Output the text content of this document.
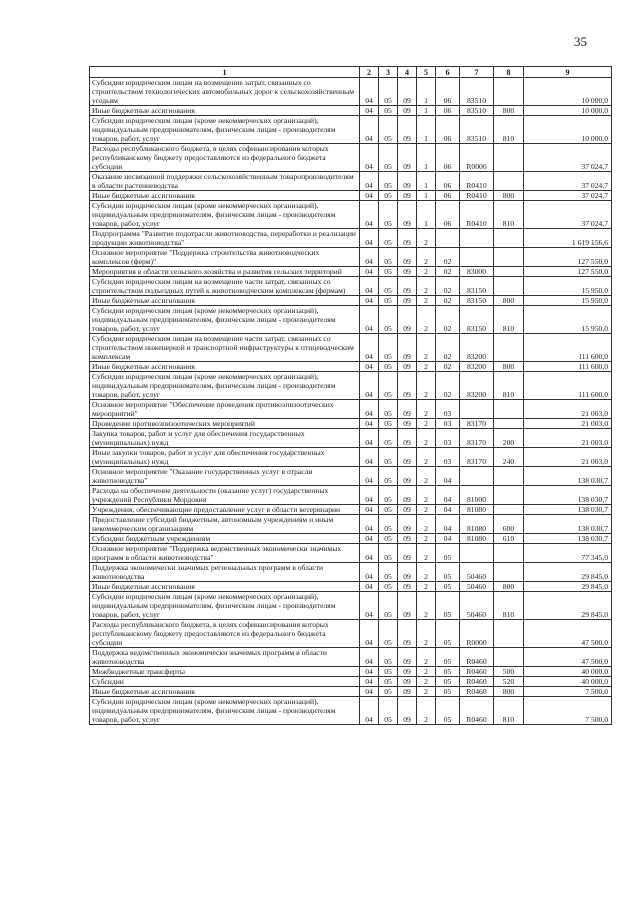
35
1	2	3	4	5	6	7	8	9
Субсидии юридическим лицам на возмещение затрат, связанных со строительством технологических автомобильных дорог к сельскохозяйственным угодьям	04	05	09	1	06	83510		10 000,0
Иные бюджетные ассигнования	04	05	09	1	06	83510	800	10 000,0
Субсидии юридическим лицам (кроме некоммерческих организаций), индивидуальным предпринимателям, физическим лицам - производителям товаров, работ, услуг	04	05	09	1	06	83510	810	10 000,0
Расходы республиканского бюджета, в целях софинансирования которых республиканскому бюджету предоставляются из федерального бюджета субсидии	04	05	09	1	06	R0000		37 024,7
Оказание несвязанной поддержки сельскохозяйственным товаропроизводителям в области растениеводства	04	05	09	1	06	R0410		37 024,7
Иные бюджетные ассигнования	04	05	09	1	06	R0410	800	37 024,7
Субсидии юридическим лицам (кроме некоммерческих организаций), индивидуальным предпринимателям, физическим лицам - производителям товаров, работ, услуг	04	05	09	1	06	R0410	810	37 024,7
Подпрограмма "Развитие подотрасли животноводства, переработки и реализации продукции животноводства"	04	05	09	2				1 619 156,6
Основное мероприятие "Поддержка строительства животноводческих комплексов (ферм)"	04	05	09	2	02			127 550,0
Мероприятия в области сельского хозяйства и развития сельских территорий	04	05	09	2	02	83000		127 550,0
Субсидии юридическим лицам на возмещение части затрат, связанных со строительством подъездных путей к животноводческим комплексам (фермам)	04	05	09	2	02	83150		15 950,0
Иные бюджетные ассигнования	04	05	09	2	02	83150	800	15 950,0
Субсидии юридическим лицам (кроме некоммерческих организаций), индивидуальным предпринимателям, физическим лицам - производителям товаров, работ, услуг	04	05	09	2	02	83150	810	15 950,0
Субсидии юридическим лицам на возмещение части затрат, связанных со строительством инженерной и транспортной инфраструктуры к птицеводческим комплексам	04	05	09	2	02	83200		111 600,0
Иные бюджетные ассигнования	04	05	09	2	02	83200	800	111 600,0
Субсидии юридическим лицам (кроме некоммерческих организаций), индивидуальным предпринимателям, физическим лицам - производителям товаров, работ, услуг	04	05	09	2	02	83200	810	111 600,0
Основное мероприятие "Обеспечение проведения противоэпизоотических мероприятий"	04	05	09	2	03			21 003,0
Проведение противоэпизоотических мероприятий	04	05	09	2	03	83170		21 003,0
Закупка товаров, работ и услуг для обеспечения государственных (муниципальных) нужд	04	05	09	2	03	83170	200	21 003,0
Иные закупки товаров, работ и услуг для обеспечения государственных (муниципальных) нужд	04	05	09	2	03	83170	240	21 003,0
Основное мероприятие "Оказание государственных услуг в отрасли животноводства"	04	05	09	2	04			138 030,7
Расходы на обеспечение деятельности (оказание услуг) государственных учреждений Республики Мордовия	04	05	09	2	04	81000		138 030,7
Учреждения, обеспечивающие предоставление услуг в области ветеринарии	04	05	09	2	04	81080		138 030,7
Предоставление субсидий бюджетным, автономным учреждениям и иным некоммерческим организациям	04	05	09	2	04	81080	600	138 030,7
Субсидии бюджетным учреждениям	04	05	09	2	04	81080	610	138 030,7
Основное мероприятие "Поддержка ведомственных экономически значимых программ в области животноводства"	04	05	09	2	05			77 345,0
Поддержка экономически значимых региональных программ в области животноводства	04	05	09	2	05	50460		29 845,0
Иные бюджетные ассигнования	04	05	09	2	05	50460	800	29 845,0
Субсидии юридическим лицам (кроме некоммерческих организаций), индивидуальным предпринимателям, физическим лицам - производителям товаров, работ, услуг	04	05	09	2	05	50460	810	29 845,0
Расходы республиканского бюджета, в целях софинансирования которых республиканскому бюджету предоставляются из федерального бюджета субсидии	04	05	09	2	05	R0000		47 500,0
Поддержка ведомственных экономически значимых программ в области животноводства	04	05	09	2	05	R0460		47 500,0
Межбюджетные трансферты	04	05	09	2	05	R0460	500	40 000,0
Субсидии	04	05	09	2	05	R0460	520	40 000,0
Иные бюджетные ассигнования	04	05	09	2	05	R0460	800	7 500,0
Субсидии юридическим лицам (кроме некоммерческих организаций), индивидуальным предпринимателям, физическим лицам - производителям товаров, работ, услуг	04	05	09	2	05	R0460	810	7 500,0
